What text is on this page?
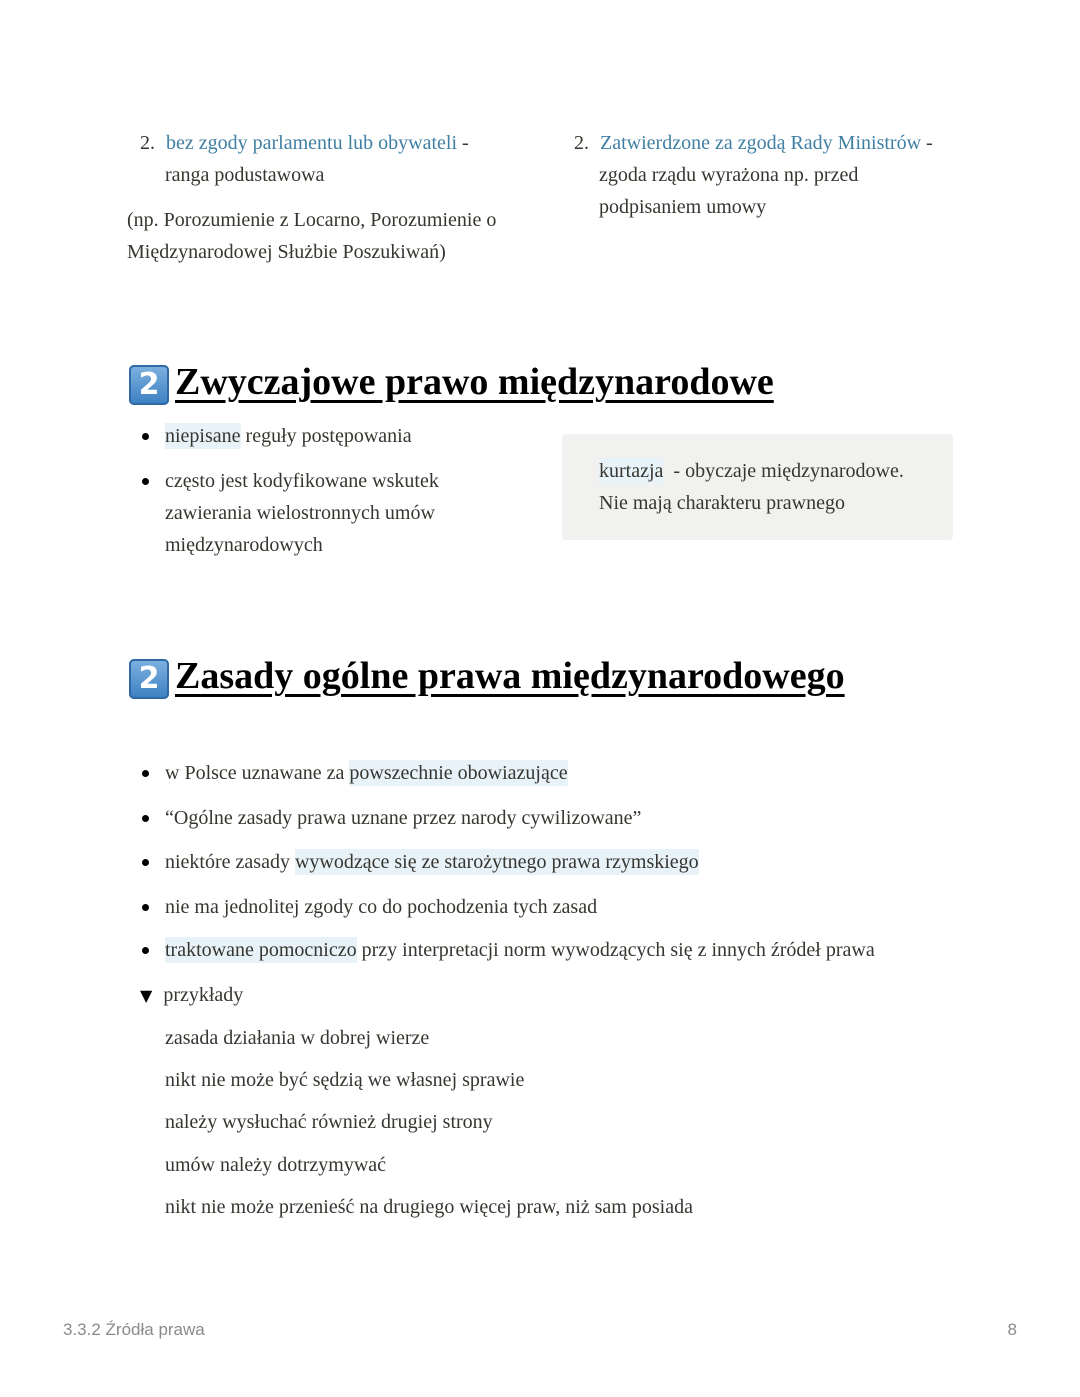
2. bez zgody parlamentu lub obywateli -
ranga podustawowa
(np. Porozumienie z Locarno, Porozumienie o
Międzynarodowej Służbie Poszukiwań)
2. Zatwierdzone za zgodą Rady Ministrów -
zgoda rządu wyrażona np. przed
podpisaniem umowy
2 Zwyczajowe prawo międzynarodowe
niepisane reguły postępowania
często jest kodyfikowane wskutek
zawierania wielostronnych umów
międzynarodowych
kurtazja  - obyczaje międzynarodowe.
Nie mają charakteru prawnego
2 Zasady ogólne prawa międzynarodowego
w Polsce uznawane za powszechnie obowiazujące
“Ogólne zasady prawa uznane przez narody cywilizowane”
niektóre zasady wywodzące się ze starożytnego prawa rzymskiego
nie ma jednolitej zgody co do pochodzenia tych zasad
traktowane pomocniczo przy interpretacji norm wywodzących się z innych źródeł prawa
▼ przykłady
zasada działania w dobrej wierze
nikt nie może być sędzią we własnej sprawie
należy wysłuchać również drugiej strony
umów należy dotrzymywać
nikt nie może przenieść na drugiego więcej praw, niż sam posiada
3.3.2 Źródła prawa	8
